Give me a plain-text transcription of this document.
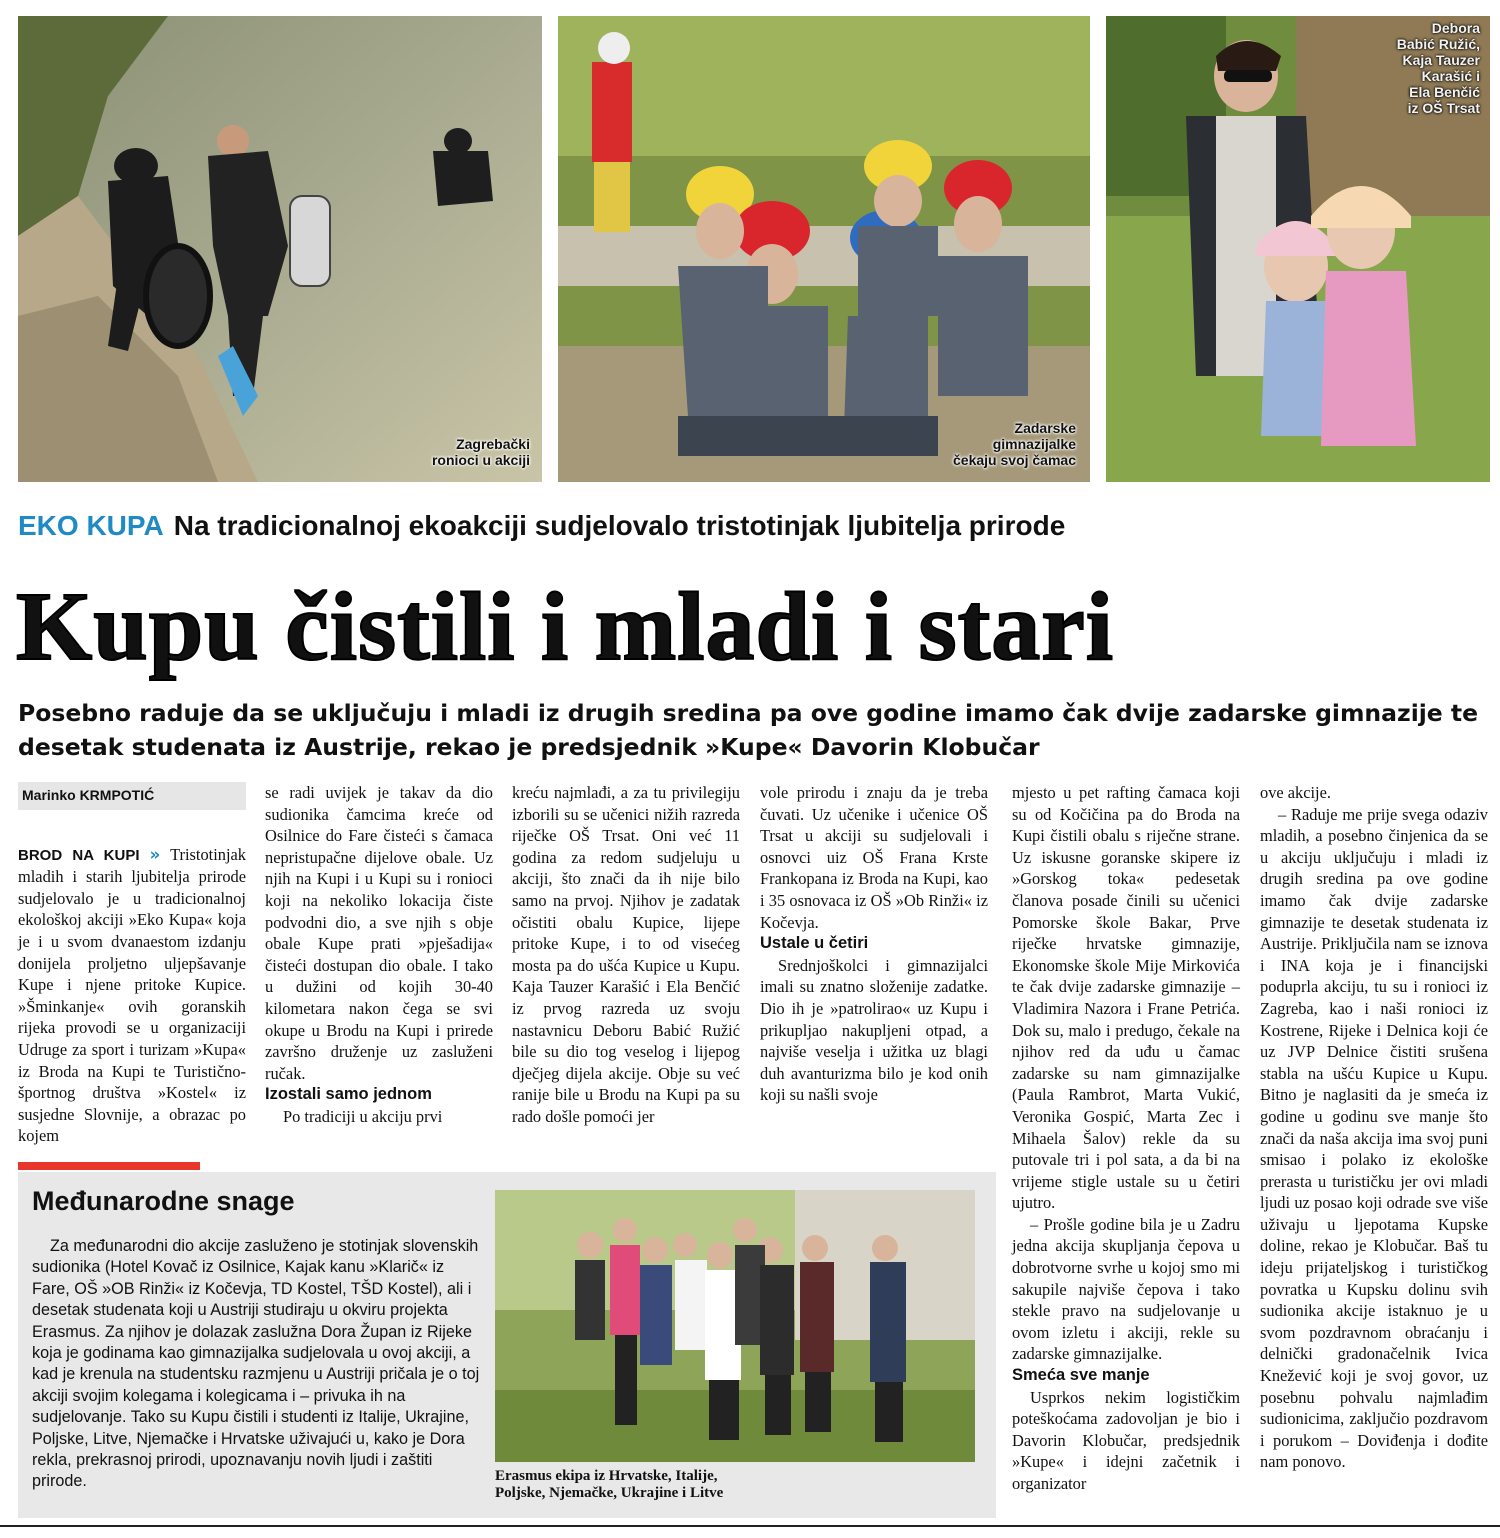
Zagrebački
ronioci u akciji
Zadarske
gimnazijalke
čekaju svoj čamac
Debora
Babić Ružić,
Kaja Tauzer
Karašić i
Ela Benčić
iz OŠ Trsat
EKO KUPA Na tradicionalnoj ekoakciji sudjelovalo tristotinjak ljubitelja prirode
Kupu čistili i mladi i stari
Posebno raduje da se uključuju i mladi iz drugih sredina pa ove godine imamo čak dvije zadarske gimnazije te desetak studenata iz Austrije, rekao je predsjednik »Kupe« Davorin Klobučar
Marinko KRMPOTIĆ

BROD NA KUPI » Tristotinjak mladih i starih ljubitelja prirode sudjelovalo je u tradicionalnoj ekološkoj akciji »Eko Kupa« koja je i u svom dvanaestom izdanju donijela proljetno uljepšavanje Kupe i njene pritoke Kupice. »Šminkanje« ovih goranskih rijeka provodi se u organizaciji Udruge za sport i turizam »Kupa« iz Broda na Kupi te Turistično-športnog društva »Kostel« iz susjedne Slovnije, a obrazac po kojem

se radi uvijek je takav da dio sudionika čamcima kreće od Osilnice do Fare čisteći s čamaca nepristupačne dijelove obale. Uz njih na Kupi i u Kupi su i ronioci koji na nekoliko lokacija čiste podvodni dio, a sve njih s obje obale Kupe prati »pješadija« čisteći dostupan dio obale. I tako u dužini od kojih 30-40 kilometara nakon čega se svi okupe u Brodu na Kupi i prirede završno druženje uz zasluženi ručak.

Izostali samo jednom

Po tradiciji u akciju prvi

kreću najmlađi, a za tu privilegiju izborili su se učenici nižih razreda riječke OŠ Trsat. Oni već 11 godina za redom sudjeluju u akciji, što znači da ih nije bilo samo na prvoj. Njihov je zadatak očistiti obalu Kupice, lijepe pritoke Kupe, i to od visećeg mosta pa do ušća Kupice u Kupu. Kaja Tauzer Karašić i Ela Benčić iz prvog razreda uz svoju nastavnicu Deboru Babić Ružić bile su dio tog veselog i lijepog dječjeg dijela akcije. Obje su već ranije bile u Brodu na Kupi pa su rado došle pomoći jer

vole prirodu i znaju da je treba čuvati. Uz učenike i učenice OŠ Trsat u akciji su sudjelovali i osnovci uiz OŠ Frana Krste Frankopana iz Broda na Kupi, kao i 35 osnovaca iz OŠ »Ob Rinži« iz Kočevja.

Ustale u četiri

Srednjoškolci i gimnazijalci imali su znatno složenije zadatke. Dio ih je »patrolirao« uz Kupu i prikupljao nakupljeni otpad, a najviše veselja i užitka uz blagi duh avanturizma bilo je kod onih koji su našli svoje

mjesto u pet rafting čamaca koji su od Kočičina pa do Broda na Kupi čistili obalu s riječne strane. Uz iskusne goranske skipere iz »Gorskog toka« pedesetak članova posade činili su učenici Pomorske škole Bakar, Prve riječke hrvatske gimnazije, Ekonomske škole Mije Mirkovića te čak dvije zadarske gimnazije – Vladimira Nazora i Frane Petrića. Dok su, malo i predugo, čekale na njihov red da uđu u čamac zadarske su nam gimnazijalke (Paula Rambrot, Marta Vukić, Veronika Gospić, Marta Zec i Mihaela Šalov) rekle da su putovale tri i pol sata, a da bi na vrijeme stigle ustale su u četiri ujutro.

– Prošle godine bila je u Zadru jedna akcija skupljanja čepova u dobrotvorne svrhe u kojoj smo mi sakupile najviše čepova i tako stekle pravo na sudjelovanje u ovom izletu i akciji, rekle su zadarske gimnazijalke.

Smeća sve manje

Usprkos nekim logističkim poteškoćama zadovoljan je bio i Davorin Klobučar, predsjednik »Kupe« i idejni začetnik i organizator

ove akcije.

– Raduje me prije svega odaziv mladih, a posebno činjenica da se u akciju uključuju i mladi iz drugih sredina pa ove godine imamo čak dvije zadarske gimnazije te desetak studenata iz Austrije. Priključila nam se iznova i INA koja je i financijski poduprla akciju, tu su i ronioci iz Zagreba, kao i naši ronioci iz Kostrene, Rijeke i Delnica koji će uz JVP Delnice čistiti srušena stabla na ušću Kupice u Kupu. Bitno je naglasiti da je smeća iz godine u godinu sve manje što znači da naša akcija ima svoj puni smisao i polako iz ekološke prerasta u turističku jer ovi mladi ljudi uz posao koji odrade sve više uživaju u ljepotama Kupske doline, rekao je Klobučar. Baš tu ideju prijateljskog i turističkog povratka u Kupsku dolinu svih sudionika akcije istaknuo je u svom pozdravnom obraćanju i delnički gradonačelnik Ivica Knežević koji je svoj govor, uz posebnu pohvalu najmlađim sudionicima, zaključio pozdravom i porukom – Doviđenja i dođite nam ponovo.

Međunarodne snage
Za međunarodni dio akcije zasluženo je stotinjak slovenskih sudionika (Hotel Kovač iz Osilnice, Kajak kanu »Klarič« iz Fare, OŠ »OB Rinži« iz Kočevja, TD Kostel, TŠD Kostel), ali i desetak studenata koji u Austriji studiraju u okviru projekta Erasmus. Za njihov je dolazak zaslužna Dora Župan iz Rijeke koja je godinama kao gimnazijalka sudjelovala u ovoj akciji, a kad je krenula na studentsku razmjenu u Austriji pričala je o toj akciji svojim kolegama i kolegicama i – privuka ih na sudjelovanje. Tako su Kupu čistili i studenti iz Italije, Ukrajine, Poljske, Litve, Njemačke i Hrvatske uživajući u, kako je Dora rekla, prekrasnoj prirodi, upoznavanju novih ljudi i zaštiti prirode.	Erasmus ekipa iz Hrvatske, Italije,
Poljske, Njemačke, Ukrajine i Litve
